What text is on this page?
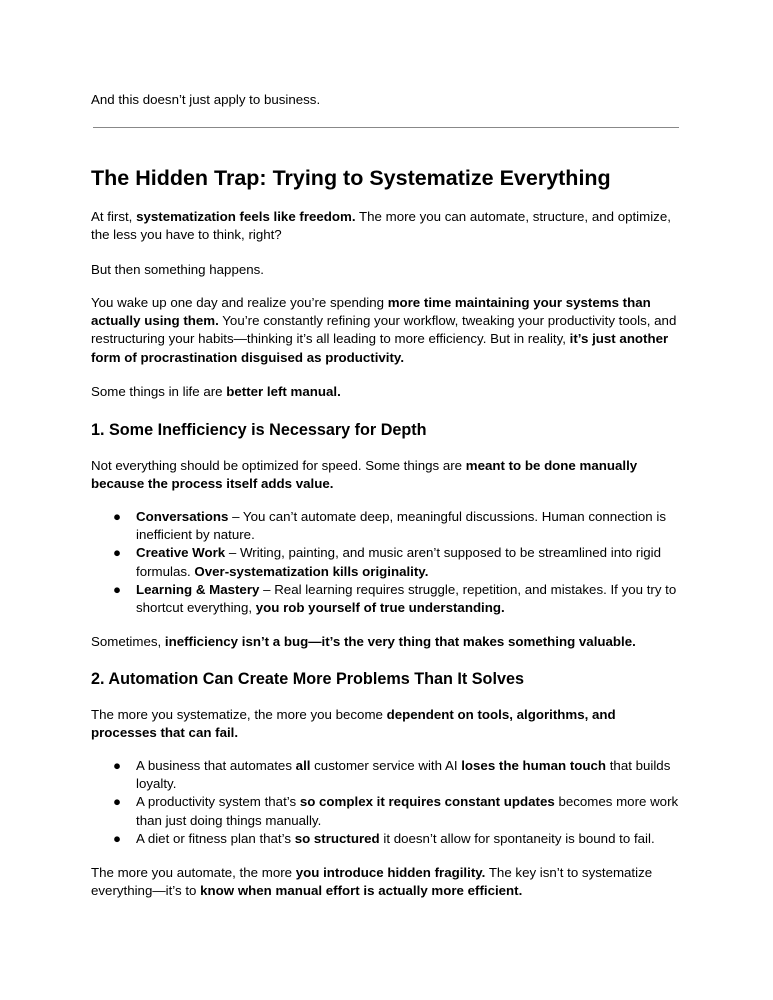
And this doesn’t just apply to business.

The Hidden Trap: Trying to Systematize Everything

At first, systematization feels like freedom. The more you can automate, structure, and optimize, the less you have to think, right?

But then something happens.

You wake up one day and realize you’re spending more time maintaining your systems than actually using them. You’re constantly refining your workflow, tweaking your productivity tools, and restructuring your habits—thinking it’s all leading to more efficiency. But in reality, it’s just another form of procrastination disguised as productivity.

Some things in life are better left manual.

1. Some Inefficiency is Necessary for Depth

Not everything should be optimized for speed. Some things are meant to be done manually because the process itself adds value.

● Conversations – You can’t automate deep, meaningful discussions. Human connection is inefficient by nature.
● Creative Work – Writing, painting, and music aren’t supposed to be streamlined into rigid formulas. Over-systematization kills originality.
● Learning & Mastery – Real learning requires struggle, repetition, and mistakes. If you try to shortcut everything, you rob yourself of true understanding.

Sometimes, inefficiency isn’t a bug—it’s the very thing that makes something valuable.

2. Automation Can Create More Problems Than It Solves

The more you systematize, the more you become dependent on tools, algorithms, and processes that can fail.

● A business that automates all customer service with AI loses the human touch that builds loyalty.
● A productivity system that’s so complex it requires constant updates becomes more work than just doing things manually.
● A diet or fitness plan that’s so structured it doesn’t allow for spontaneity is bound to fail.

The more you automate, the more you introduce hidden fragility. The key isn’t to systematize everything—it’s to know when manual effort is actually more efficient.
